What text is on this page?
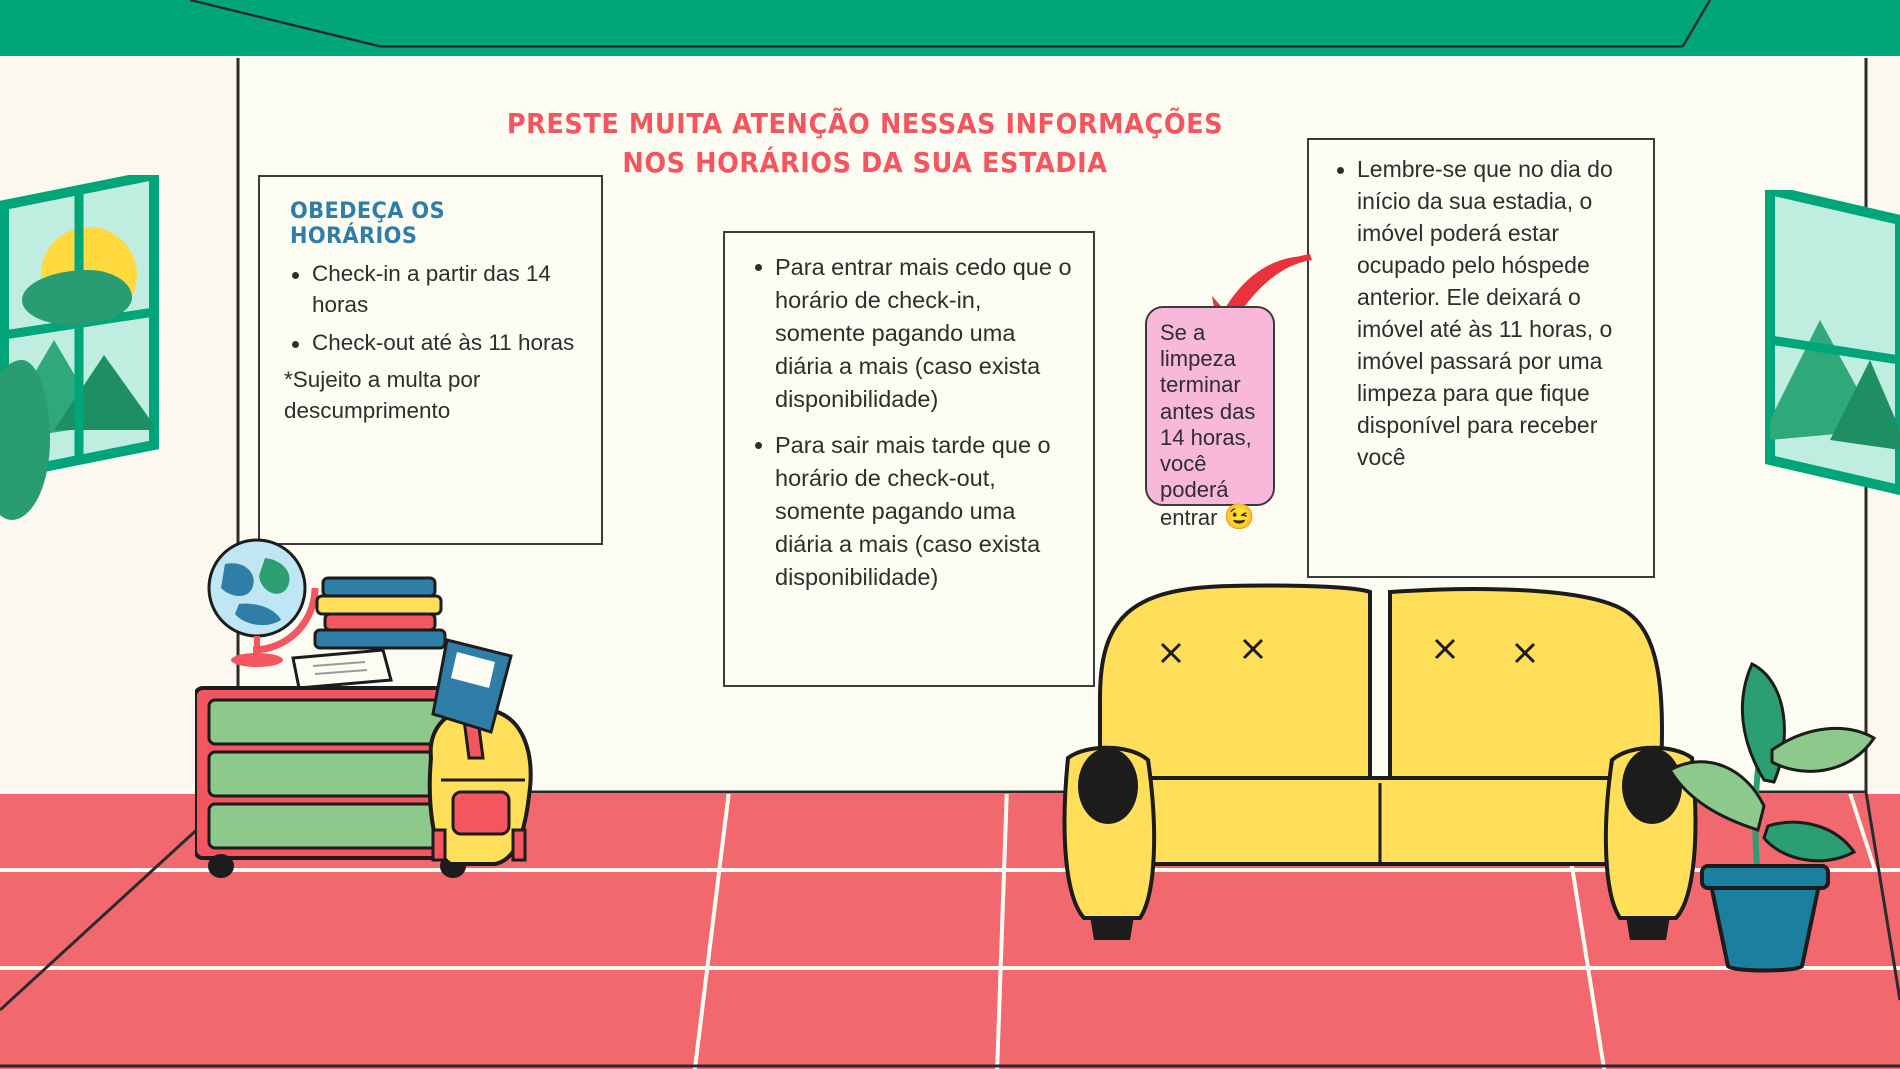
PRESTE MUITA ATENÇÃO NESSAS INFORMAÇÕES
NOS HORÁRIOS DA SUA ESTADIA
OBEDEÇA OS HORÁRIOS
Check-in a partir das 14 horas
Check-out até às 11 horas
*Sujeito a multa por descumprimento
Para entrar mais cedo que o horário de check-in, somente pagando uma diária a mais (caso exista disponibilidade)
Para sair mais tarde que o horário de check-out, somente pagando uma diária a mais (caso exista disponibilidade)
Lembre-se que no dia do início da sua estadia, o imóvel poderá estar ocupado pelo hóspede anterior. Ele deixará o imóvel até às 11 horas, o imóvel passará por uma limpeza para que fique disponível para receber você
Se a limpeza terminar antes das 14 horas, você poderá entrar 😉
